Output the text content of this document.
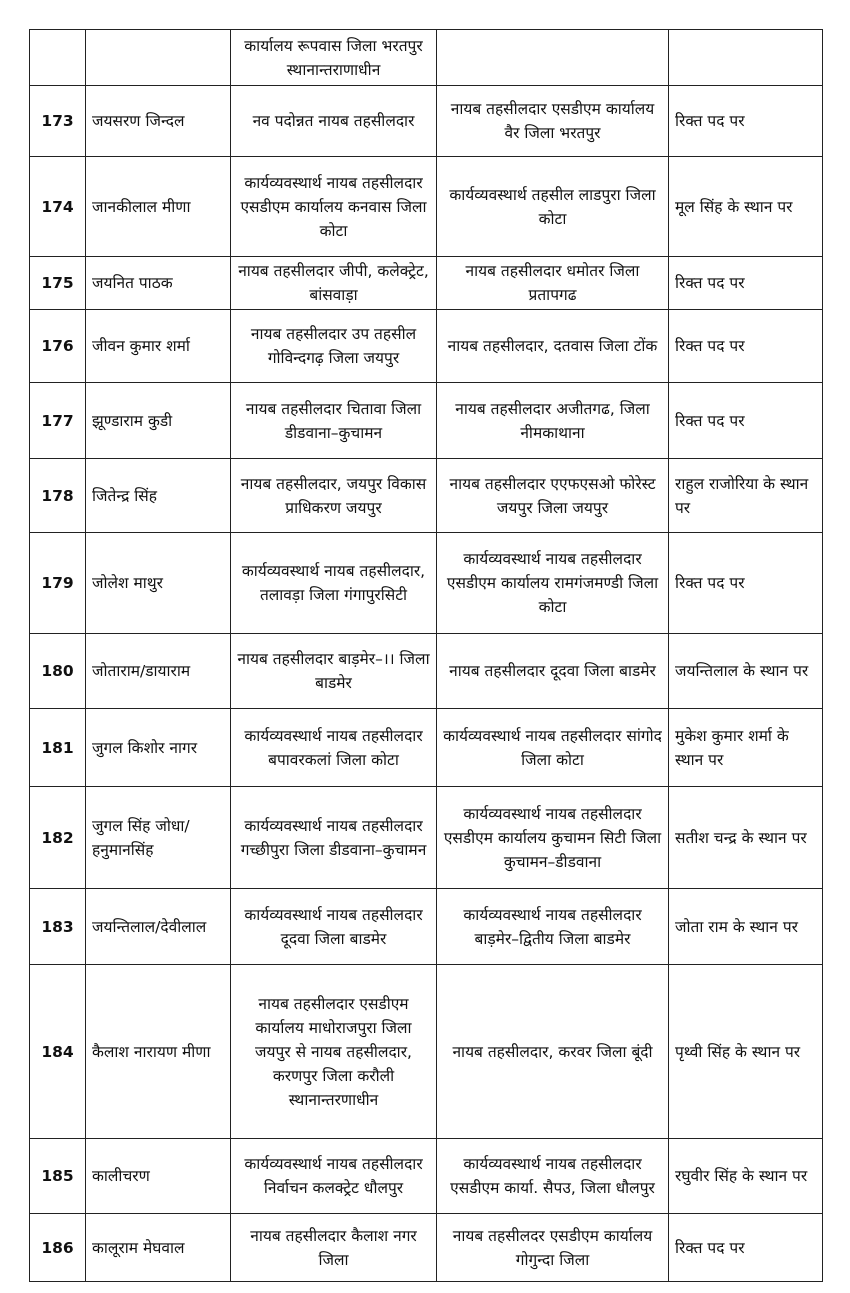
		कार्यालय रूपवास जिला भरतपुर स्थानान्तराणाधीन		
173	जयसरण जिन्दल	नव पदोन्नत नायब तहसीलदार	नायब तहसीलदार एसडीएम कार्यालय वैर जिला भरतपुर	रिक्त पद पर
174	जानकीलाल मीणा	कार्यव्यवस्थार्थ नायब तहसीलदार एसडीएम कार्यालय कनवास जिला कोटा	कार्यव्यवस्थार्थ तहसील लाडपुरा जिला कोटा	मूल सिंह के स्थान पर
175	जयनित पाठक	नायब तहसीलदार जीपी, कलेक्ट्रेट, बांसवाड़ा	नायब तहसीलदार धमोतर जिला प्रतापगढ	रिक्त पद पर
176	जीवन कुमार शर्मा	नायब तहसीलदार उप तहसील गोविन्दगढ़ जिला जयपुर	नायब तहसीलदार, दतवास जिला टोंक	रिक्त पद पर
177	झूण्डाराम कुडी	नायब तहसीलदार चितावा जिला डीडवाना–कुचामन	नायब तहसीलदार अजीतगढ, जिला नीमकाथाना	रिक्त पद पर
178	जितेन्द्र सिंह	नायब तहसीलदार, जयपुर विकास प्राधिकरण जयपुर	नायब तहसीलदार एएफएसओ फोरेस्ट जयपुर जिला जयपुर	राहुल राजोरिया के स्थान पर
179	जोलेश माथुर	कार्यव्यवस्थार्थ नायब तहसीलदार, तलावड़ा जिला गंगापुरसिटी	कार्यव्यवस्थार्थ नायब तहसीलदार एसडीएम कार्यालय रामगंजमण्डी जिला कोटा	रिक्त पद पर
180	जोताराम/डायाराम	नायब तहसीलदार बाड़मेर–।। जिला बाडमेर	नायब तहसीलदार दूदवा जिला बाडमेर	जयन्तिलाल के स्थान पर
181	जुगल किशोर नागर	कार्यव्यवस्थार्थ नायब तहसीलदार बपावरकलां जिला कोटा	कार्यव्यवस्थार्थ नायब तहसीलदार सांगोद जिला कोटा	मुकेश कुमार शर्मा के स्थान पर
182	जुगल सिंह जोधा/ हनुमानसिंह	कार्यव्यवस्थार्थ नायब तहसीलदार गच्छीपुरा जिला डीडवाना–कुचामन	कार्यव्यवस्थार्थ नायब तहसीलदार एसडीएम कार्यालय कुचामन सिटी जिला कुचामन–डीडवाना	सतीश चन्द्र के स्थान पर
183	जयन्तिलाल/देवीलाल	कार्यव्यवस्थार्थ नायब तहसीलदार दूदवा जिला बाडमेर	कार्यव्यवस्थार्थ नायब तहसीलदार बाड़मेर–द्वितीय जिला बाडमेर	जोता राम के स्थान पर
184	कैलाश नारायण मीणा	नायब तहसीलदार एसडीएम कार्यालय माधोराजपुरा जिला जयपुर से नायब तहसीलदार, करणपुर जिला करौली स्थानान्तरणाधीन	नायब तहसीलदार, करवर जिला बूंदी	पृथ्वी सिंह के स्थान पर
185	कालीचरण	कार्यव्यवस्थार्थ नायब तहसीलदार निर्वाचन कलक्ट्रेट धौलपुर	कार्यव्यवस्थार्थ नायब तहसीलदार एसडीएम कार्या. सैपउ, जिला धौलपुर	रघुवीर सिंह के स्थान पर
186	कालूराम मेघवाल	नायब तहसीलदार कैलाश नगर जिला	नायब तहसीलदर एसडीएम कार्यालय गोगुन्दा जिला	रिक्त पद पर
